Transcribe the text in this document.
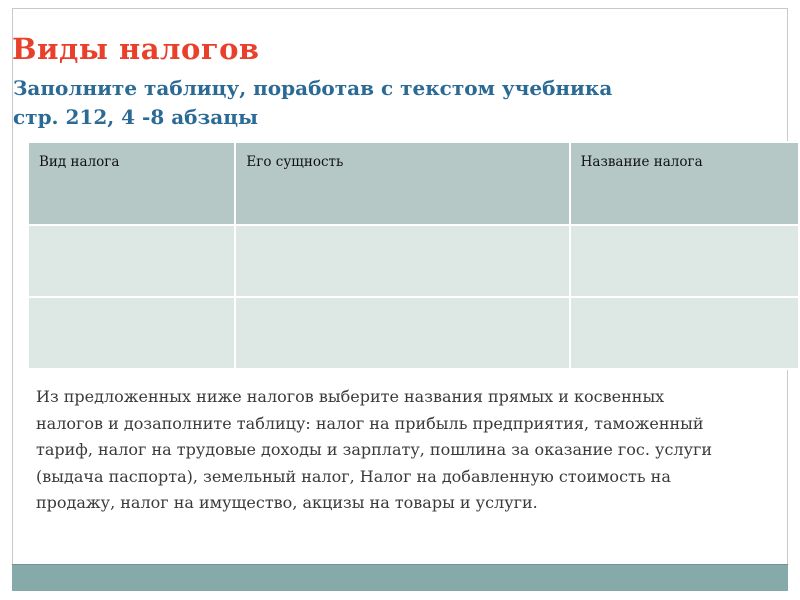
Виды налогов

Заполните таблицу, поработав с текстом учебника стр. 212, 4 -8 абзацы

Вид налога	Его сущность	Название налога

Из предложенных ниже налогов выберите названия прямых и косвенных налогов и дозаполните таблицу: налог на прибыль предприятия, таможенный тариф, налог на трудовые доходы и зарплату, пошлина за оказание гос. услуги (выдача паспорта), земельный налог, Налог на добавленную стоимость на продажу, налог на имущество, акцизы на товары и услуги.
